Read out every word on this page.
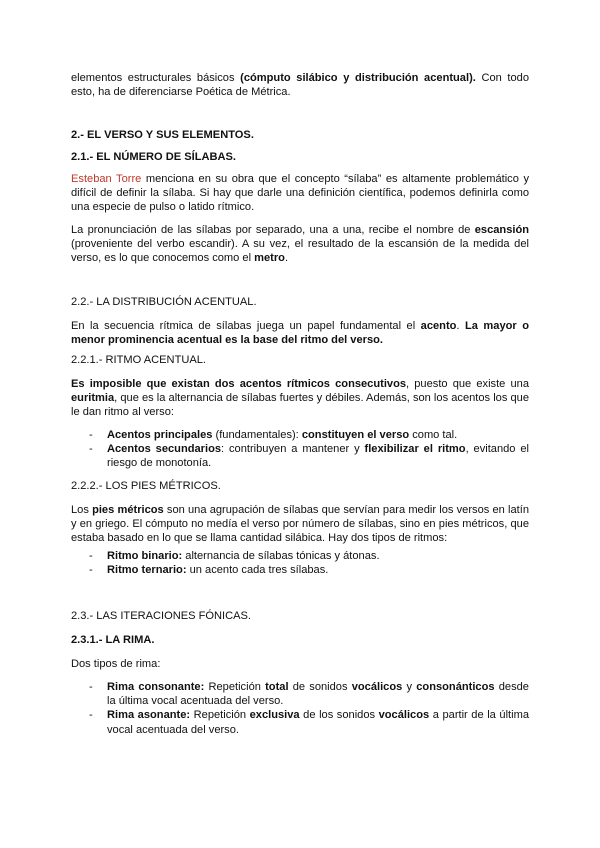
elementos estructurales básicos (cómputo silábico y distribución acentual). Con todo esto, ha de diferenciarse Poética de Métrica.

2.- EL VERSO Y SUS ELEMENTOS.

2.1.- EL NÚMERO DE SÍLABAS.

Esteban Torre menciona en su obra que el concepto “sílaba” es altamente problemático y difícil de definir la sílaba. Si hay que darle una definición científica, podemos definirla como una especie de pulso o latido rítmico.

La pronunciación de las sílabas por separado, una a una, recibe el nombre de escansión (proveniente del verbo escandir). A su vez, el resultado de la escansión de la medida del verso, es lo que conocemos como el metro.

2.2.- LA DISTRIBUCIÓN ACENTUAL.

En la secuencia rítmica de sílabas juega un papel fundamental el acento. La mayor o menor prominencia acentual es la base del ritmo del verso.

2.2.1.- RITMO ACENTUAL.

Es imposible que existan dos acentos rítmicos consecutivos, puesto que existe una euritmia, que es la alternancia de sílabas fuertes y débiles. Además, son los acentos los que le dan ritmo al verso:

- Acentos principales (fundamentales): constituyen el verso como tal.
- Acentos secundarios: contribuyen a mantener y flexibilizar el ritmo, evitando el riesgo de monotonía.

2.2.2.- LOS PIES MÉTRICOS.

Los pies métricos son una agrupación de sílabas que servían para medir los versos en latín y en griego. El cómputo no medía el verso por número de sílabas, sino en pies métricos, que estaba basado en lo que se llama cantidad silábica. Hay dos tipos de ritmos:

- Ritmo binario: alternancia de sílabas tónicas y átonas.
- Ritmo ternario: un acento cada tres sílabas.

2.3.- LAS ITERACIONES FÓNICAS.

2.3.1.- LA RIMA.

Dos tipos de rima:

- Rima consonante: Repetición total de sonidos vocálicos y consonánticos desde la última vocal acentuada del verso.
- Rima asonante: Repetición exclusiva de los sonidos vocálicos a partir de la última vocal acentuada del verso.
